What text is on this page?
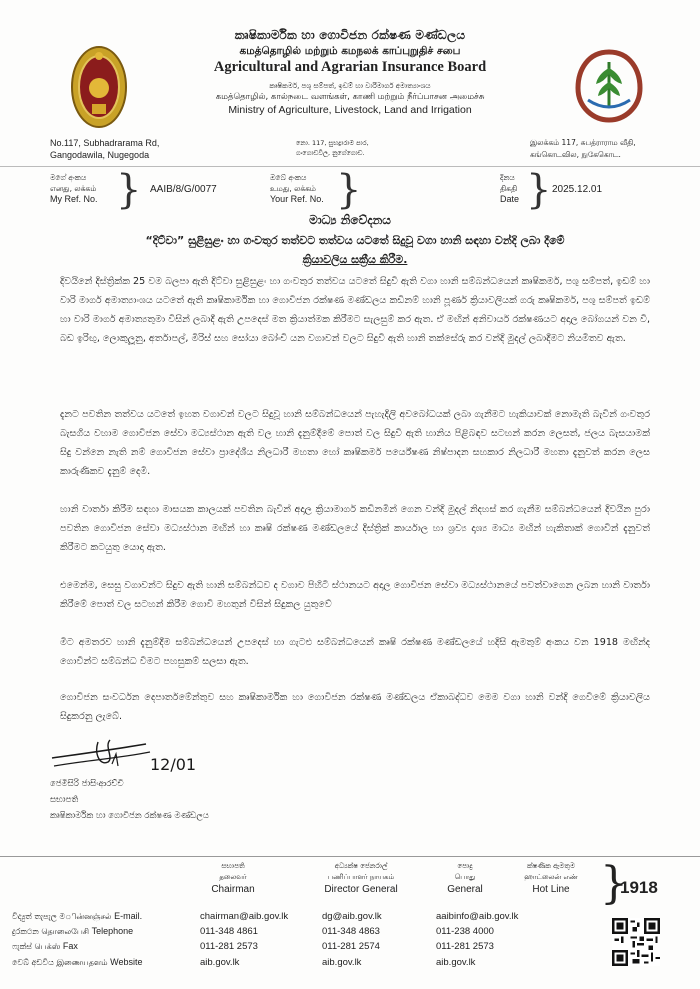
කෘෂිකාර්මික හා ගොවිජන රක්ෂණ මණ්ඩලය
கமத்தொழில் மற்றும் கமநலக் காப்புறுதிச் சபை
Agricultural and Agrarian Insurance Board
කෘෂිකර්ම, පශු සම්පත්, ඉඩම් හා වාරිමාර්ග අමාත්‍යාංශය
கமத்தொழில், கால்நடை வளங்கள், காணி மற்றும் நீர்ப்பாசன அமைச்சு
Ministry of Agriculture, Livestock, Land and Irrigation
No.117, Subhadrarama Rd,
Gangodawila, Nugegoda
නො. 117, සුභද්‍රාරාම පාර,
ගංගොඩවිල, නුගේගොඩ.
இலக்கம் 117, சுபத்ராராம வீதி,
கங்கொடவில, நுகேகொட.
මගේ අංකය
எனது, லக்கம்
My Ref. No. } AAIB/8/G/0077
ඔබේ අංකය
உமது, லக்கம்
Your Ref. No. }	දිනය
திகதி
Date } 2025.12.01
මාධ්‍ය නිවේදනය
“දිට්වා” සුළිසුළං හා ගංවතුර තත්වට තත්වය යටතේ සිදුවූ වගා හානි සඳහා වන්දි ලබා දීමේ
ක්‍රියාවලිය සක්‍රීය කිරීම.
දිවයිනේ දිස්ත්‍රික්ක 25 වම බලපා ඇති දිට්වා සුළිසුළං හා ගංවතුර තත්වය යටතේ සිදුවී ඇති වගා හානි සම්බන්ධයෙන් කෘෂිකර්ම, පශු සම්පත්, ඉඩම් හා වාරි මාර්ග අමාත්‍යාංශය යටතේ ඇති කෘෂිකාර්මික හා ගොවිජන රක්ෂණ මණ්ඩලය කඩිනම් හානි පූර්ණ ක්‍රියාවලියක් ගරු කෘෂිකර්ම, පශු සම්පත් ඉඩම් හා වාරි මාර්ග අමාත්‍යතුමා විසින් ලබාදී ඇති උපදෙස් මත ක්‍රියාත්මක කිරීමට සැලසුම් කර ඇත. ඒ මඟින් අනිවාර්ය රක්ෂණයට අදාල බෝගයන් වන වී, බඩ ඉරිඟු, ලොකුලූනු, අර්තාපල්, මිරිස් සහ සෝයා බෝංචි යන වගාවන් වලට සිදුවී ඇති හානි තක්සේරු කර වන්දි මුදල් ලබාදීමට නියමිතව ඇත.
දැනට පවතින තත්වය යටතේ ඉහත වගාවන් වලට සිදුවූ හානි සම්බන්ධයෙන් පැහැදිලි අවබෝධයක් ලබා ගැනීමට හැකියාවක් නොමැති බැවින් ගංවතුර බැසගිය වහාම ගොවිජන සේවා මධ්‍යස්ථාන ඇති වල හානි දැනුම්දීමේ පොත් වල සිදුවී ඇති හානිය පිළිබඳව සටහන් කරන ලෙසත්, ජලය බැසයාමක් සිදු වන්නෙ නැති නම් ගොවිජන සේවා ප්‍රාදේශීය නිලධාරී මහතා හෝ කෘෂිකර්ම පර්යේෂණ නිෂ්පාදන සහකාර නිලධාරී මහතා දැනුවත් කරන ලෙස කාරුණිකව දැනුම් දෙමි.
හානි වාර්තා කිරීම සඳහා මාසයක කාලයක් පවතින බැවින් අදාල ක්‍රියාමාර්ග කඩිනමින් ගෙන වන්දි මුදල් නිදහස් කර ගැනීම සම්බන්ධයෙන් දිවයින පුරා පවතින ගොවිජන සේවා මධ්‍යස්ථාන මඟින් හා කෘෂි රක්ෂණ මණ්ඩලයේ දිස්ත්‍රික් කාර්යාල හා ශ්‍රව්‍ය දෘශ්‍ය මාධ්‍ය මඟින් හැකිතාක් ගොවීන් දැනුවත් කිරීමට කටයුතු යොදා ඇත.
එමෙන්ම, සෙසු වගාවන්ට සිදුව ඇති හානි සම්බන්ධව ද වගාව පිහිටි ස්ථානයට අදාල ගොවිජන සේවා මධ්‍යස්ථානයේ පවත්වාගෙන ලබන හානි වාර්තා කිරීමේ පොත් වල සටහන් කිරීම ගොවි මහතුන් විසින් සිදුකල යුතුවේ
මීට අමතරව හානි දැනුම්දීම සම්බන්ධයෙන් උපදෙස් හා ගැටළු සම්බන්ධයෙන් කෘෂි රක්ෂණ මණ්ඩලයේ හදිසි ඇමතුම් අංකය වන 1918 මඟින්ද ගොවීන්ට සම්බන්ධ වීමට පහසුකම් සලසා ඇත.
ගොවිජන සංවර්ධන දෙපාර්තමේන්තුව සහ කෘෂිකාර්මික හා ගොවිජන රක්ෂණ මණ්ඩලය ඒකාබද්ධව මෙම වගා හානි වන්දි ගෙවීමේ ක්‍රියාවලිය සිදුකරනු ලැබේ.
12/01
ජෙමිසිරි ජාසිංආරච්චි
සභාපති
කෘෂිකාර්මික හා ගොවිජන රක්ෂණ මණ්ඩලය
සභාපති
தலைவர்
Chairman
අධ්‍යක්ෂ ජෙනරාල්
பணிப்பாளர் நாயகம்
Director General
පොදු
பொது
General
ක්ෂණික ඇමතුම
ஹாட்லைன் எண்
Hot Line }
1918
විද්‍යුත් තැපැල මின்னஞ்சல் E-mail.
දුරකථන தொலைபேசி Telephone
ෆැක්ස් பெக்ஸ் Fax
වෙබ් අඩවිය இணையதளம் Website
chairman@aib.gov.lk
011-348 4861
011-281 2573
aib.gov.lk
dg@aib.gov.lk
011-348 4863
011-281 2574
aib.gov.lk
aaibinfo@aib.gov.lk
011-238 4000
011-281 2573
aib.gov.lk
